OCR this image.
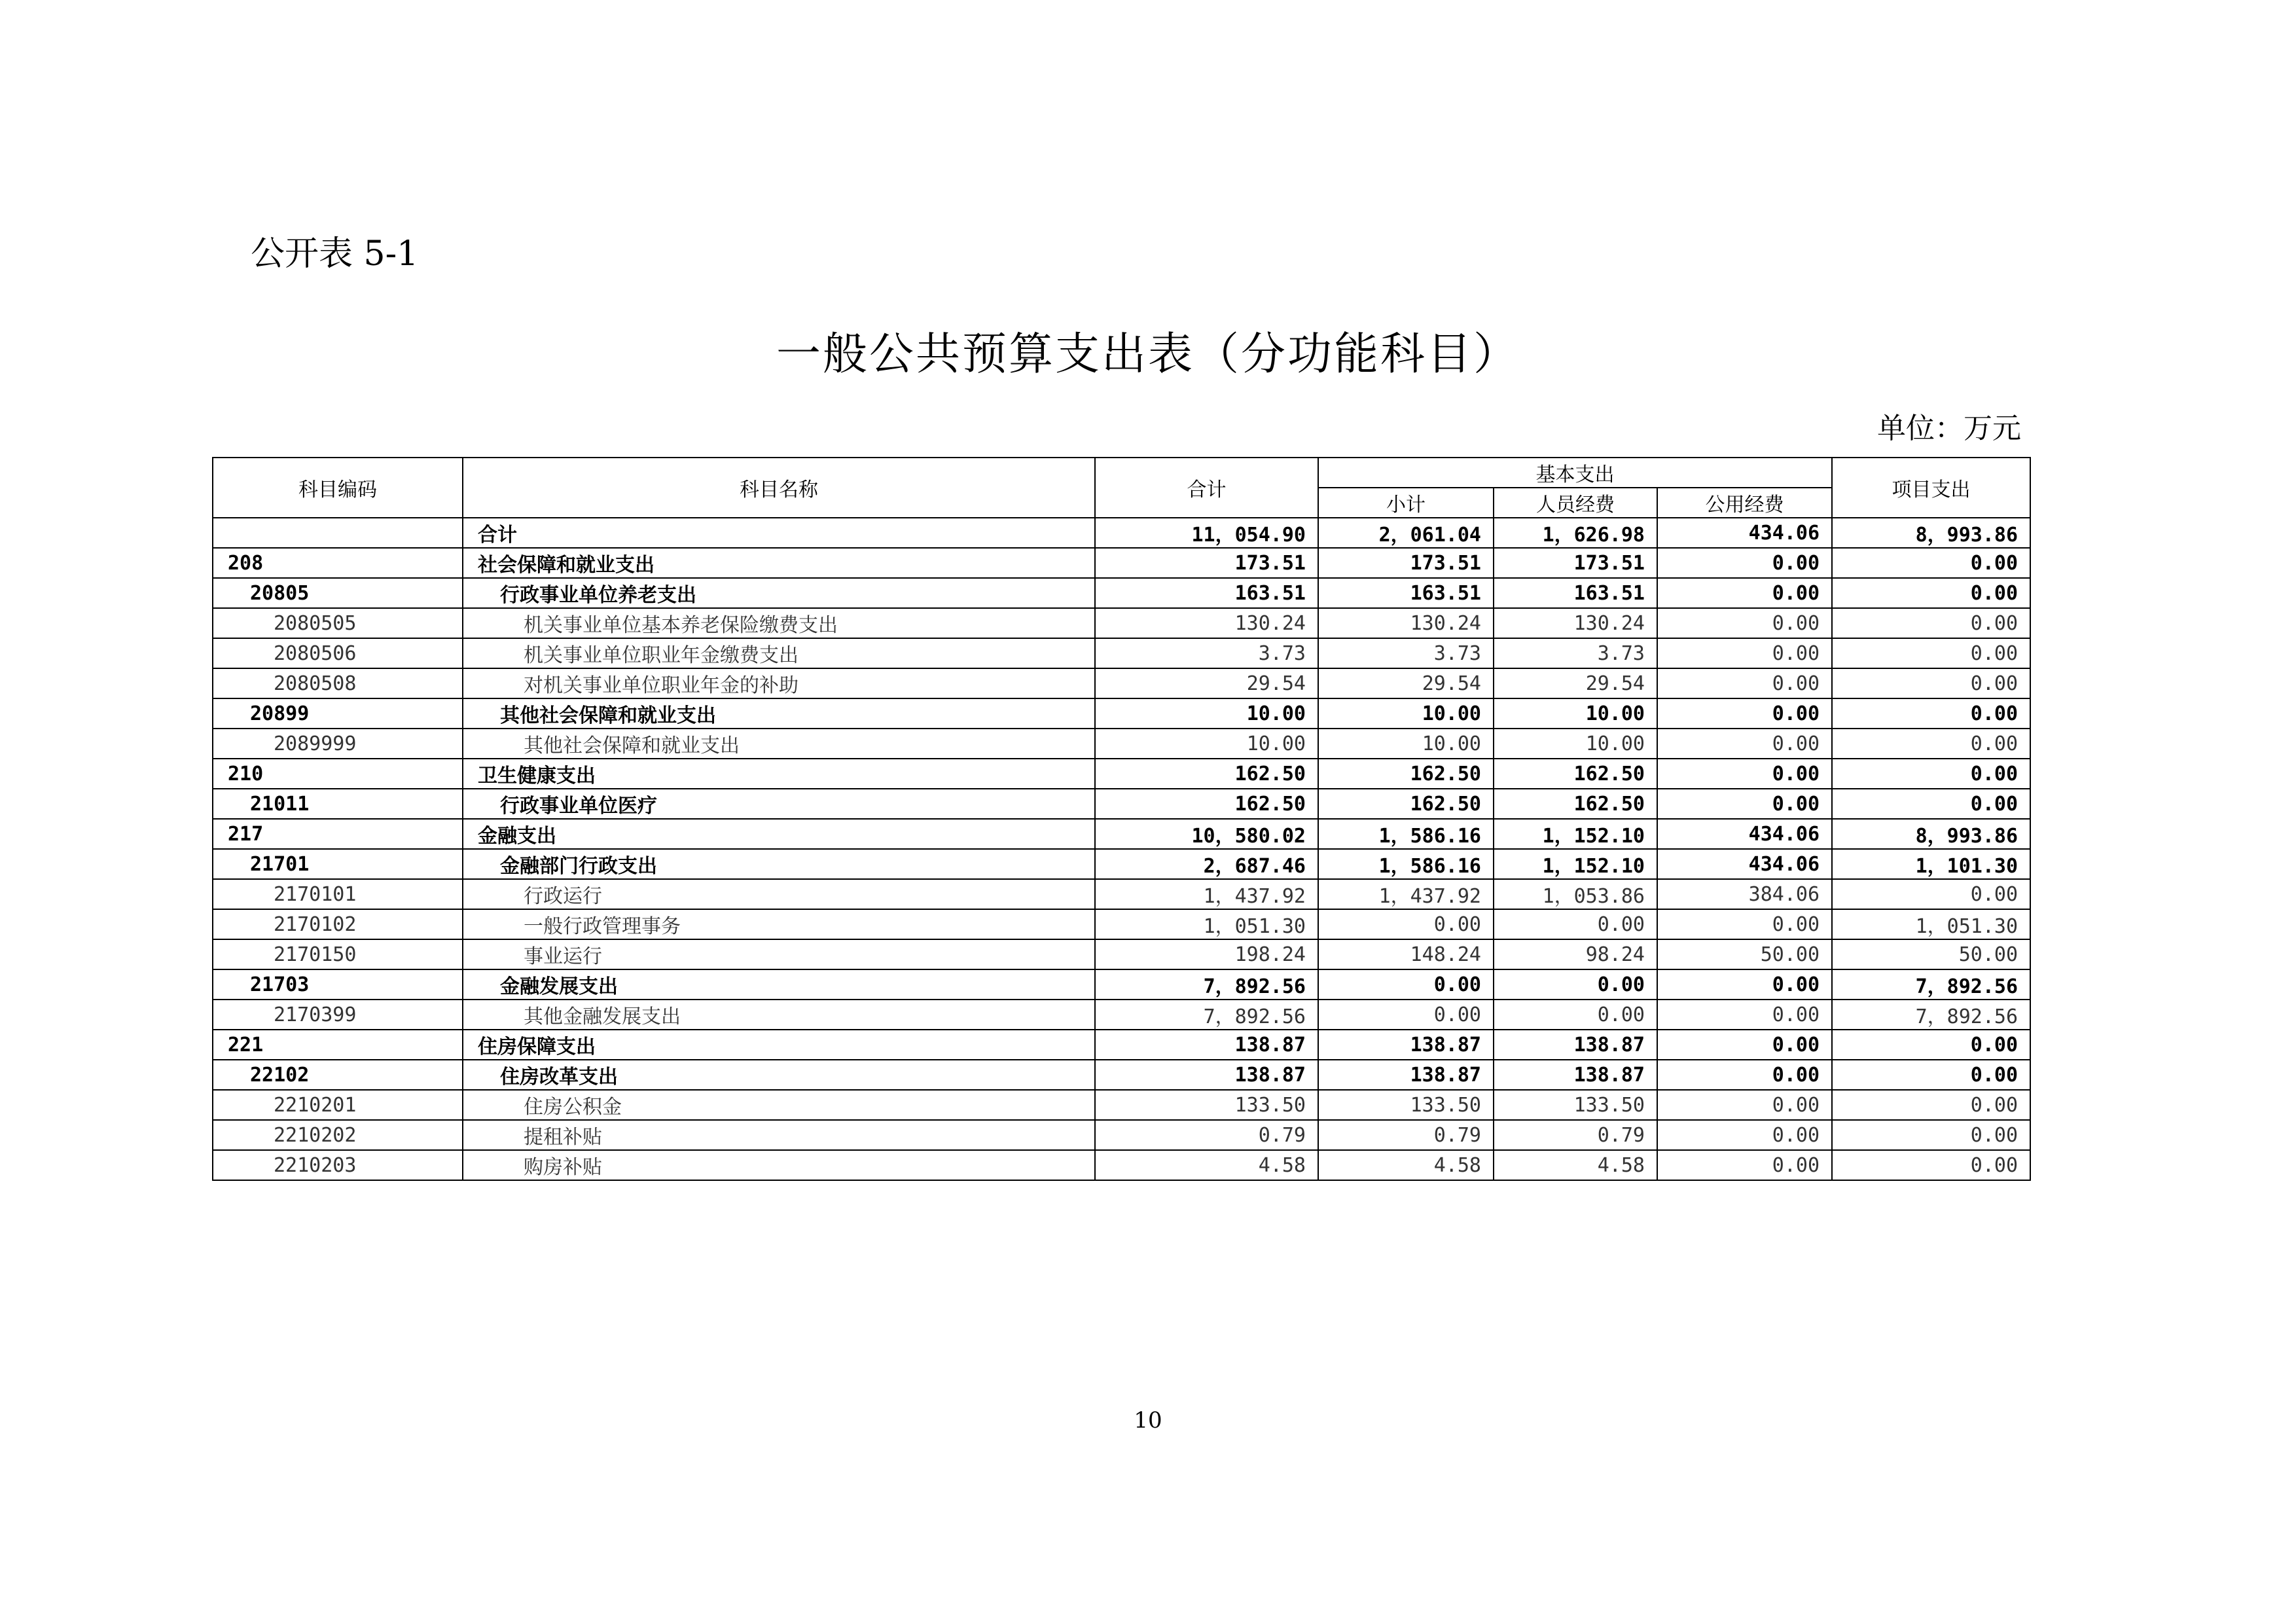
公开表 5-1
一般公共预算支出表（分功能科目）
单位：万元
科目编码	科目名称	合计	基本支出			项目支出
			小计	人员经费	公用经费	
	合计	11，054.90	2，061.04	1，626.98	434.06	8，993.86
208	社会保障和就业支出	173.51	173.51	173.51	0.00	0.00
20805	行政事业单位养老支出	163.51	163.51	163.51	0.00	0.00
2080505	机关事业单位基本养老保险缴费支出	130.24	130.24	130.24	0.00	0.00
2080506	机关事业单位职业年金缴费支出	3.73	3.73	3.73	0.00	0.00
2080508	对机关事业单位职业年金的补助	29.54	29.54	29.54	0.00	0.00
20899	其他社会保障和就业支出	10.00	10.00	10.00	0.00	0.00
2089999	其他社会保障和就业支出	10.00	10.00	10.00	0.00	0.00
210	卫生健康支出	162.50	162.50	162.50	0.00	0.00
21011	行政事业单位医疗	162.50	162.50	162.50	0.00	0.00
217	金融支出	10，580.02	1，586.16	1，152.10	434.06	8，993.86
21701	金融部门行政支出	2，687.46	1，586.16	1，152.10	434.06	1，101.30
2170101	行政运行	1，437.92	1，437.92	1，053.86	384.06	0.00
2170102	一般行政管理事务	1，051.30	0.00	0.00	0.00	1，051.30
2170150	事业运行	198.24	148.24	98.24	50.00	50.00
21703	金融发展支出	7，892.56	0.00	0.00	0.00	7，892.56
2170399	其他金融发展支出	7，892.56	0.00	0.00	0.00	7，892.56
221	住房保障支出	138.87	138.87	138.87	0.00	0.00
22102	住房改革支出	138.87	138.87	138.87	0.00	0.00
2210201	住房公积金	133.50	133.50	133.50	0.00	0.00
2210202	提租补贴	0.79	0.79	0.79	0.00	0.00
2210203	购房补贴	4.58	4.58	4.58	0.00	0.00
10
